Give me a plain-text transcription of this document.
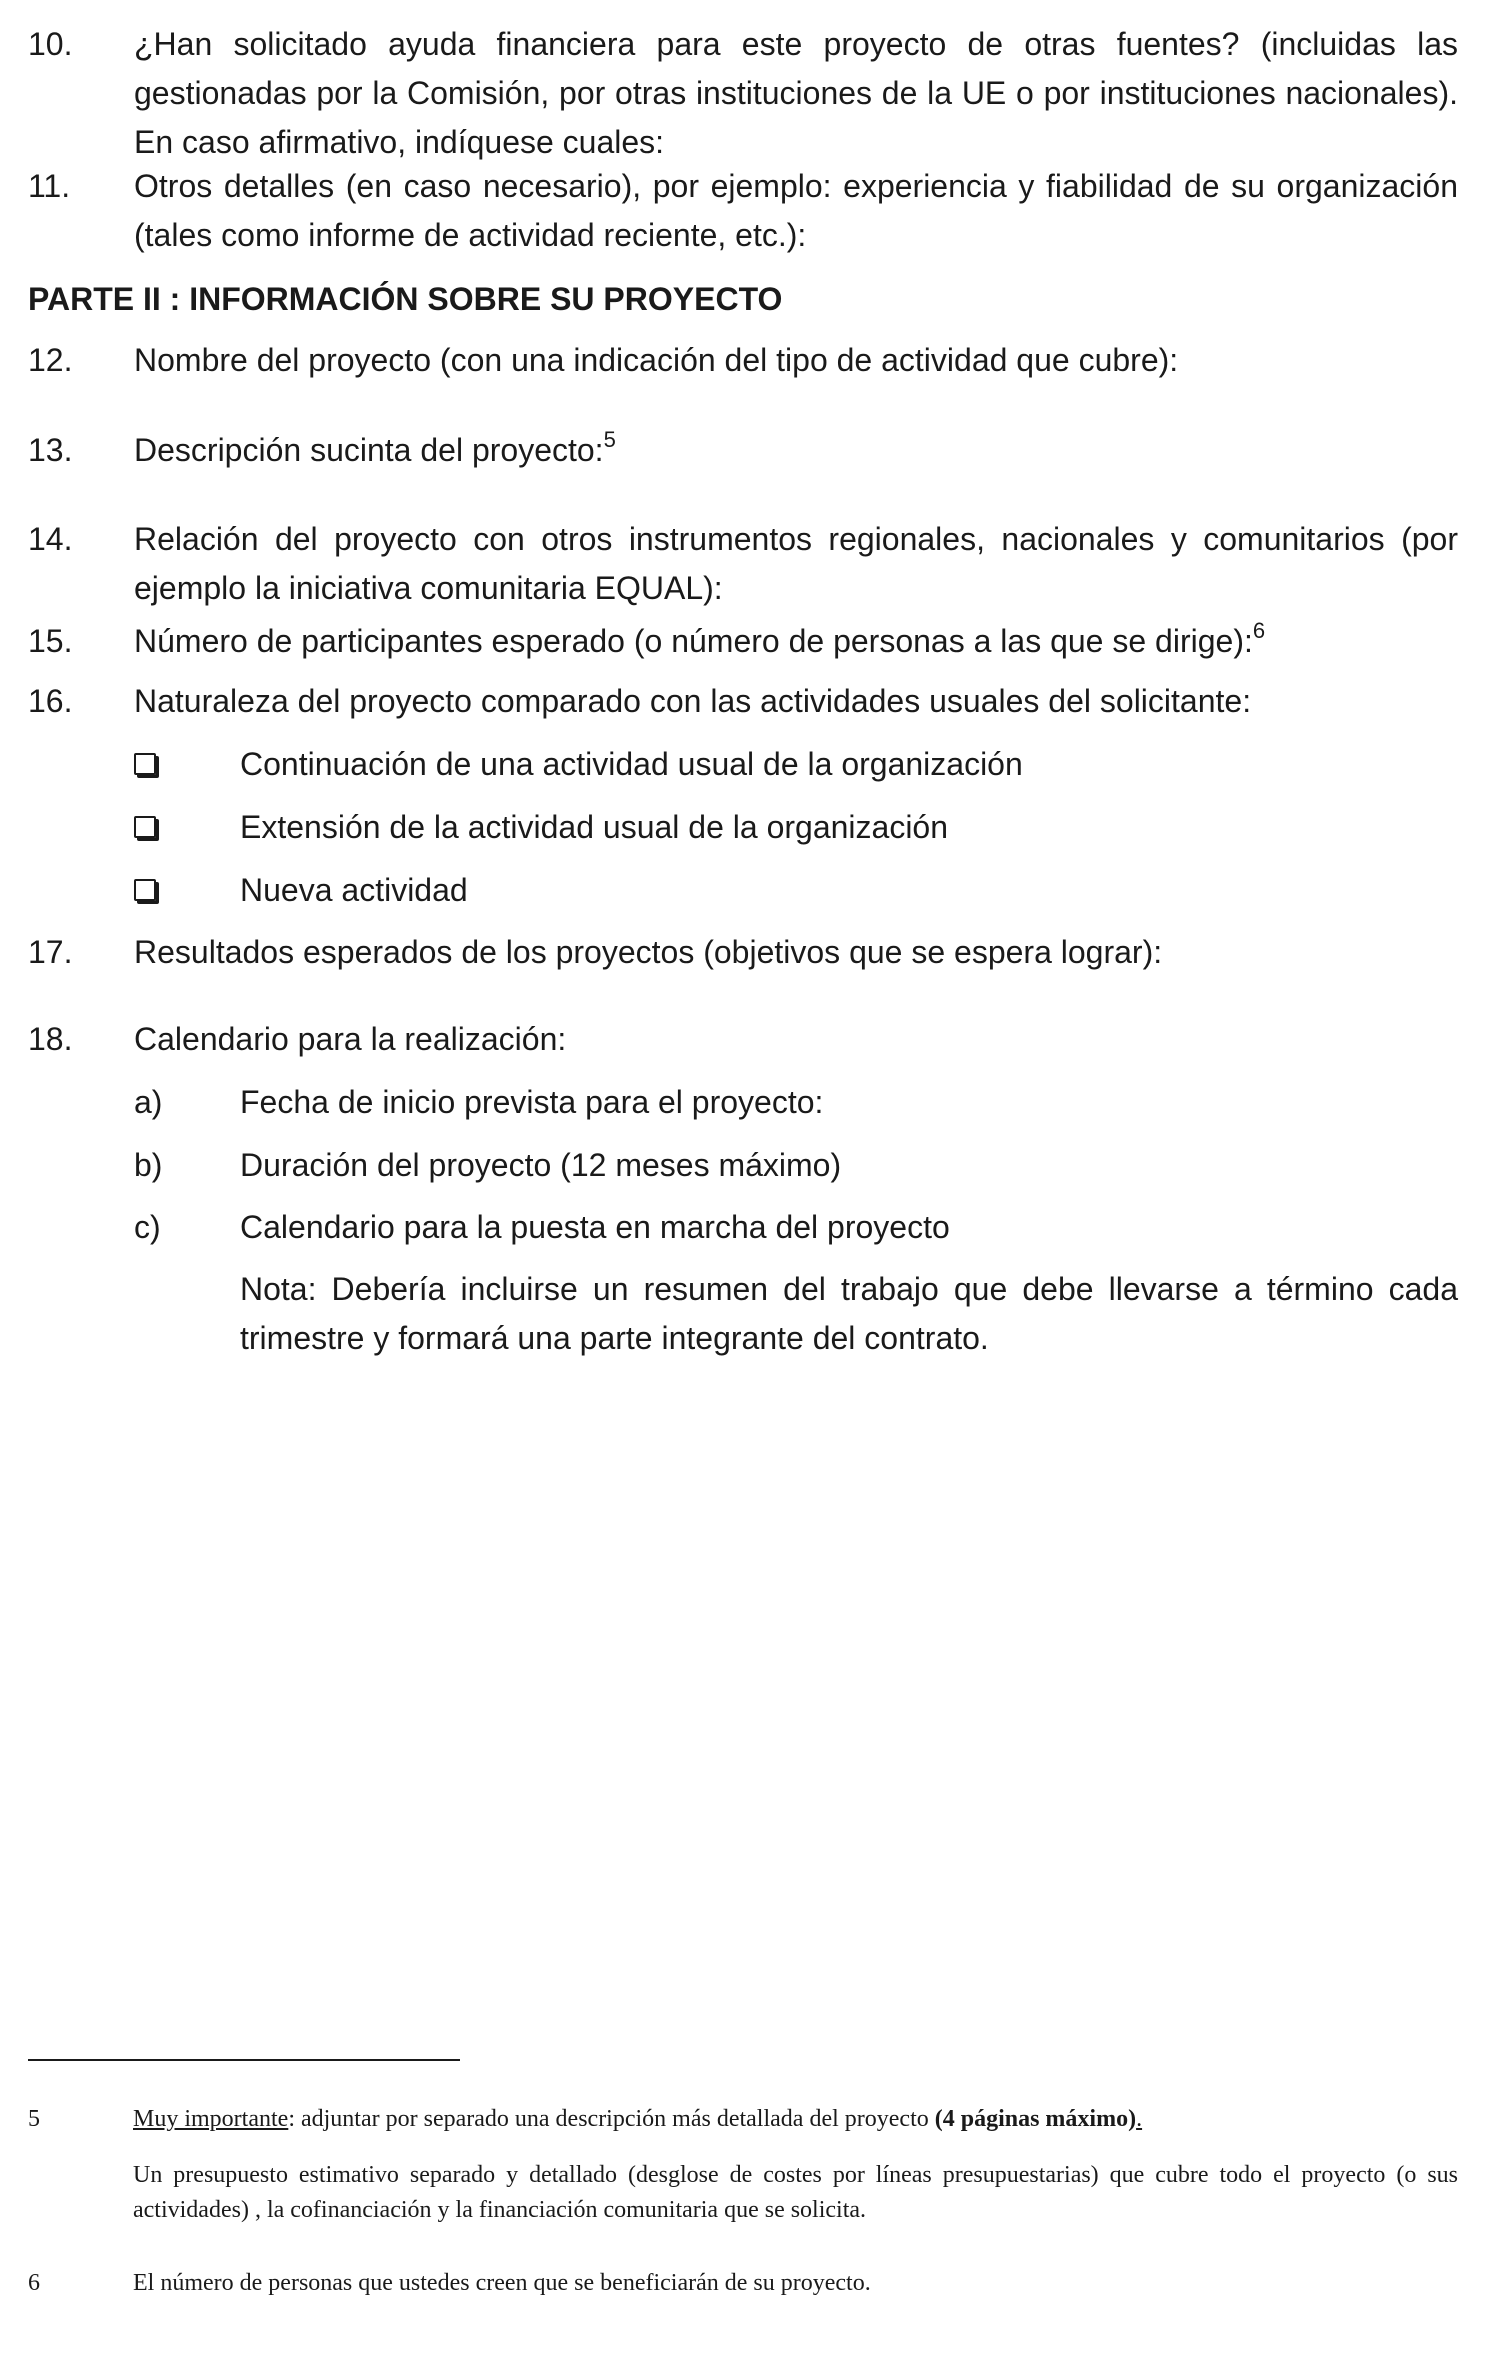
10.	¿Han solicitado ayuda financiera para este proyecto de otras fuentes? (incluidas las gestionadas por la Comisión, por otras instituciones de la UE o por instituciones nacionales). En caso afirmativo, indíquese cuales:
11.	Otros detalles (en caso necesario), por ejemplo: experiencia y fiabilidad de su organización (tales como informe de actividad reciente, etc.):
PARTE II : INFORMACIÓN SOBRE SU PROYECTO
12.	Nombre del proyecto (con una indicación del tipo de actividad que cubre):
13.	Descripción sucinta del proyecto:$^5$
14.	Relación del proyecto con otros instrumentos regionales, nacionales y comunitarios (por ejemplo la iniciativa comunitaria EQUAL):
15.	Número de participantes esperado (o número de personas a las que se dirige):$^6$
16.	Naturaleza del proyecto comparado con las actividades usuales del solicitante:
Continuación de una actividad usual de la organización
Extensión de la actividad usual de la organización
Nueva actividad
17.	Resultados esperados de los proyectos (objetivos que se espera lograr):
18.	Calendario para la realización:
a)	Fecha de inicio prevista para el proyecto:
b)	Duración del proyecto (12 meses máximo)
c)	Calendario para la puesta en marcha del proyecto
Nota: Debería incluirse un resumen del trabajo que debe llevarse a término cada trimestre y formará una parte integrante del contrato.
5	Muy importante: adjuntar por separado una descripción más detallada del proyecto (4 páginas máximo).
Un presupuesto estimativo separado y detallado (desglose de costes por líneas presupuestarias) que cubre todo el proyecto (o sus actividades) , la cofinanciación y la financiación comunitaria que se solicita.
6	El número de personas que ustedes creen que se beneficiarán de su proyecto.
